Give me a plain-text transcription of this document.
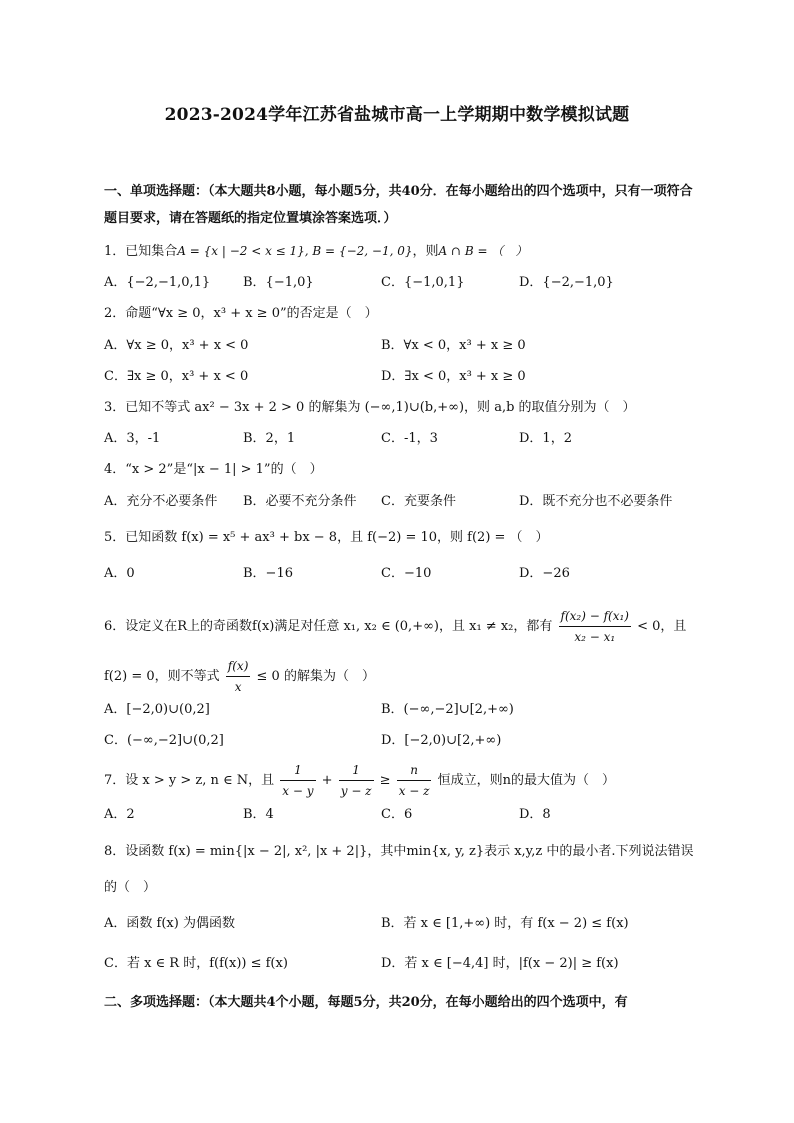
2023-2024学年江苏省盐城市高一上学期期中数学模拟试题
一、单项选择题：（本大题共8小题，每小题5分，共40分．在每小题给出的四个选项中，只有一项符合题目要求，请在答题纸的指定位置填涂答案选项．）
1．已知集合A = {x | −2 < x ≤ 1}, B = {−2, −1, 0}，则A ∩ B = （　）
A．{−2,−1,0,1}	B．{−1,0}	C．{−1,0,1}	D．{−2,−1,0}
2．命题“∀x ≥ 0，x³ + x ≥ 0”的否定是（　）
A．∀x ≥ 0，x³ + x < 0	B．∀x < 0，x³ + x ≥ 0
C．∃x ≥ 0，x³ + x < 0	D．∃x < 0，x³ + x ≥ 0
3．已知不等式 ax² − 3x + 2 > 0 的解集为 (−∞,1)∪(b,+∞)，则 a,b 的取值分别为（　）
A．3，-1	B．2，1	C．-1，3	D．1，2
4．“x > 2”是“|x − 1| > 1”的（　）
A．充分不必要条件 B．必要不充分条件 C．充要条件	D．既不充分也不必要条件
5．已知函数 f(x) = x⁵ + ax³ + bx − 8，且 f(−2) = 10，则 f(2) = （　）
A．0	B．−16	C．−10	D．−26
6．设定义在R上的奇函数f(x)满足对任意 x₁, x₂ ∈ (0,+∞)，且 x₁ ≠ x₂，都有 $\frac{\text{f(x₂) − f(x₁)}}{\text{x₂ − x₁}} < 0$，且
f(2) = 0，则不等式 $\frac{f(x)}{x} \le 0$ 的解集为（　）
A．[−2,0)∪(0,2]	B．(−∞,−2]∪[2,+∞)
C．(−∞,−2]∪(0,2]	D．[−2,0)∪[2,+∞)
7．设 x > y > z, n ∈ N，且 $\frac{1}{x - y} + \frac{1}{y - z} \ge \frac{n}{x - z}$ 恒成立，则n的最大值为（　）
A．2	B．4	C．6	D．8
8．设函数 f(x) = min{|x − 2|, x², |x + 2|}，其中min{x, y, z}表示 x,y,z 中的最小者.下列说法错误
的（　）
A．函数 f(x) 为偶函数	B．若 x ∈ [1,+∞) 时，有 f(x − 2) ≤ f(x)
C．若 x ∈ R 时，f(f(x)) ≤ f(x)	D．若 x ∈ [−4,4] 时，|f(x − 2)| ≥ f(x)
二、多项选择题：（本大题共4个小题，每题5分，共20分，在每小题给出的四个选项中，有
